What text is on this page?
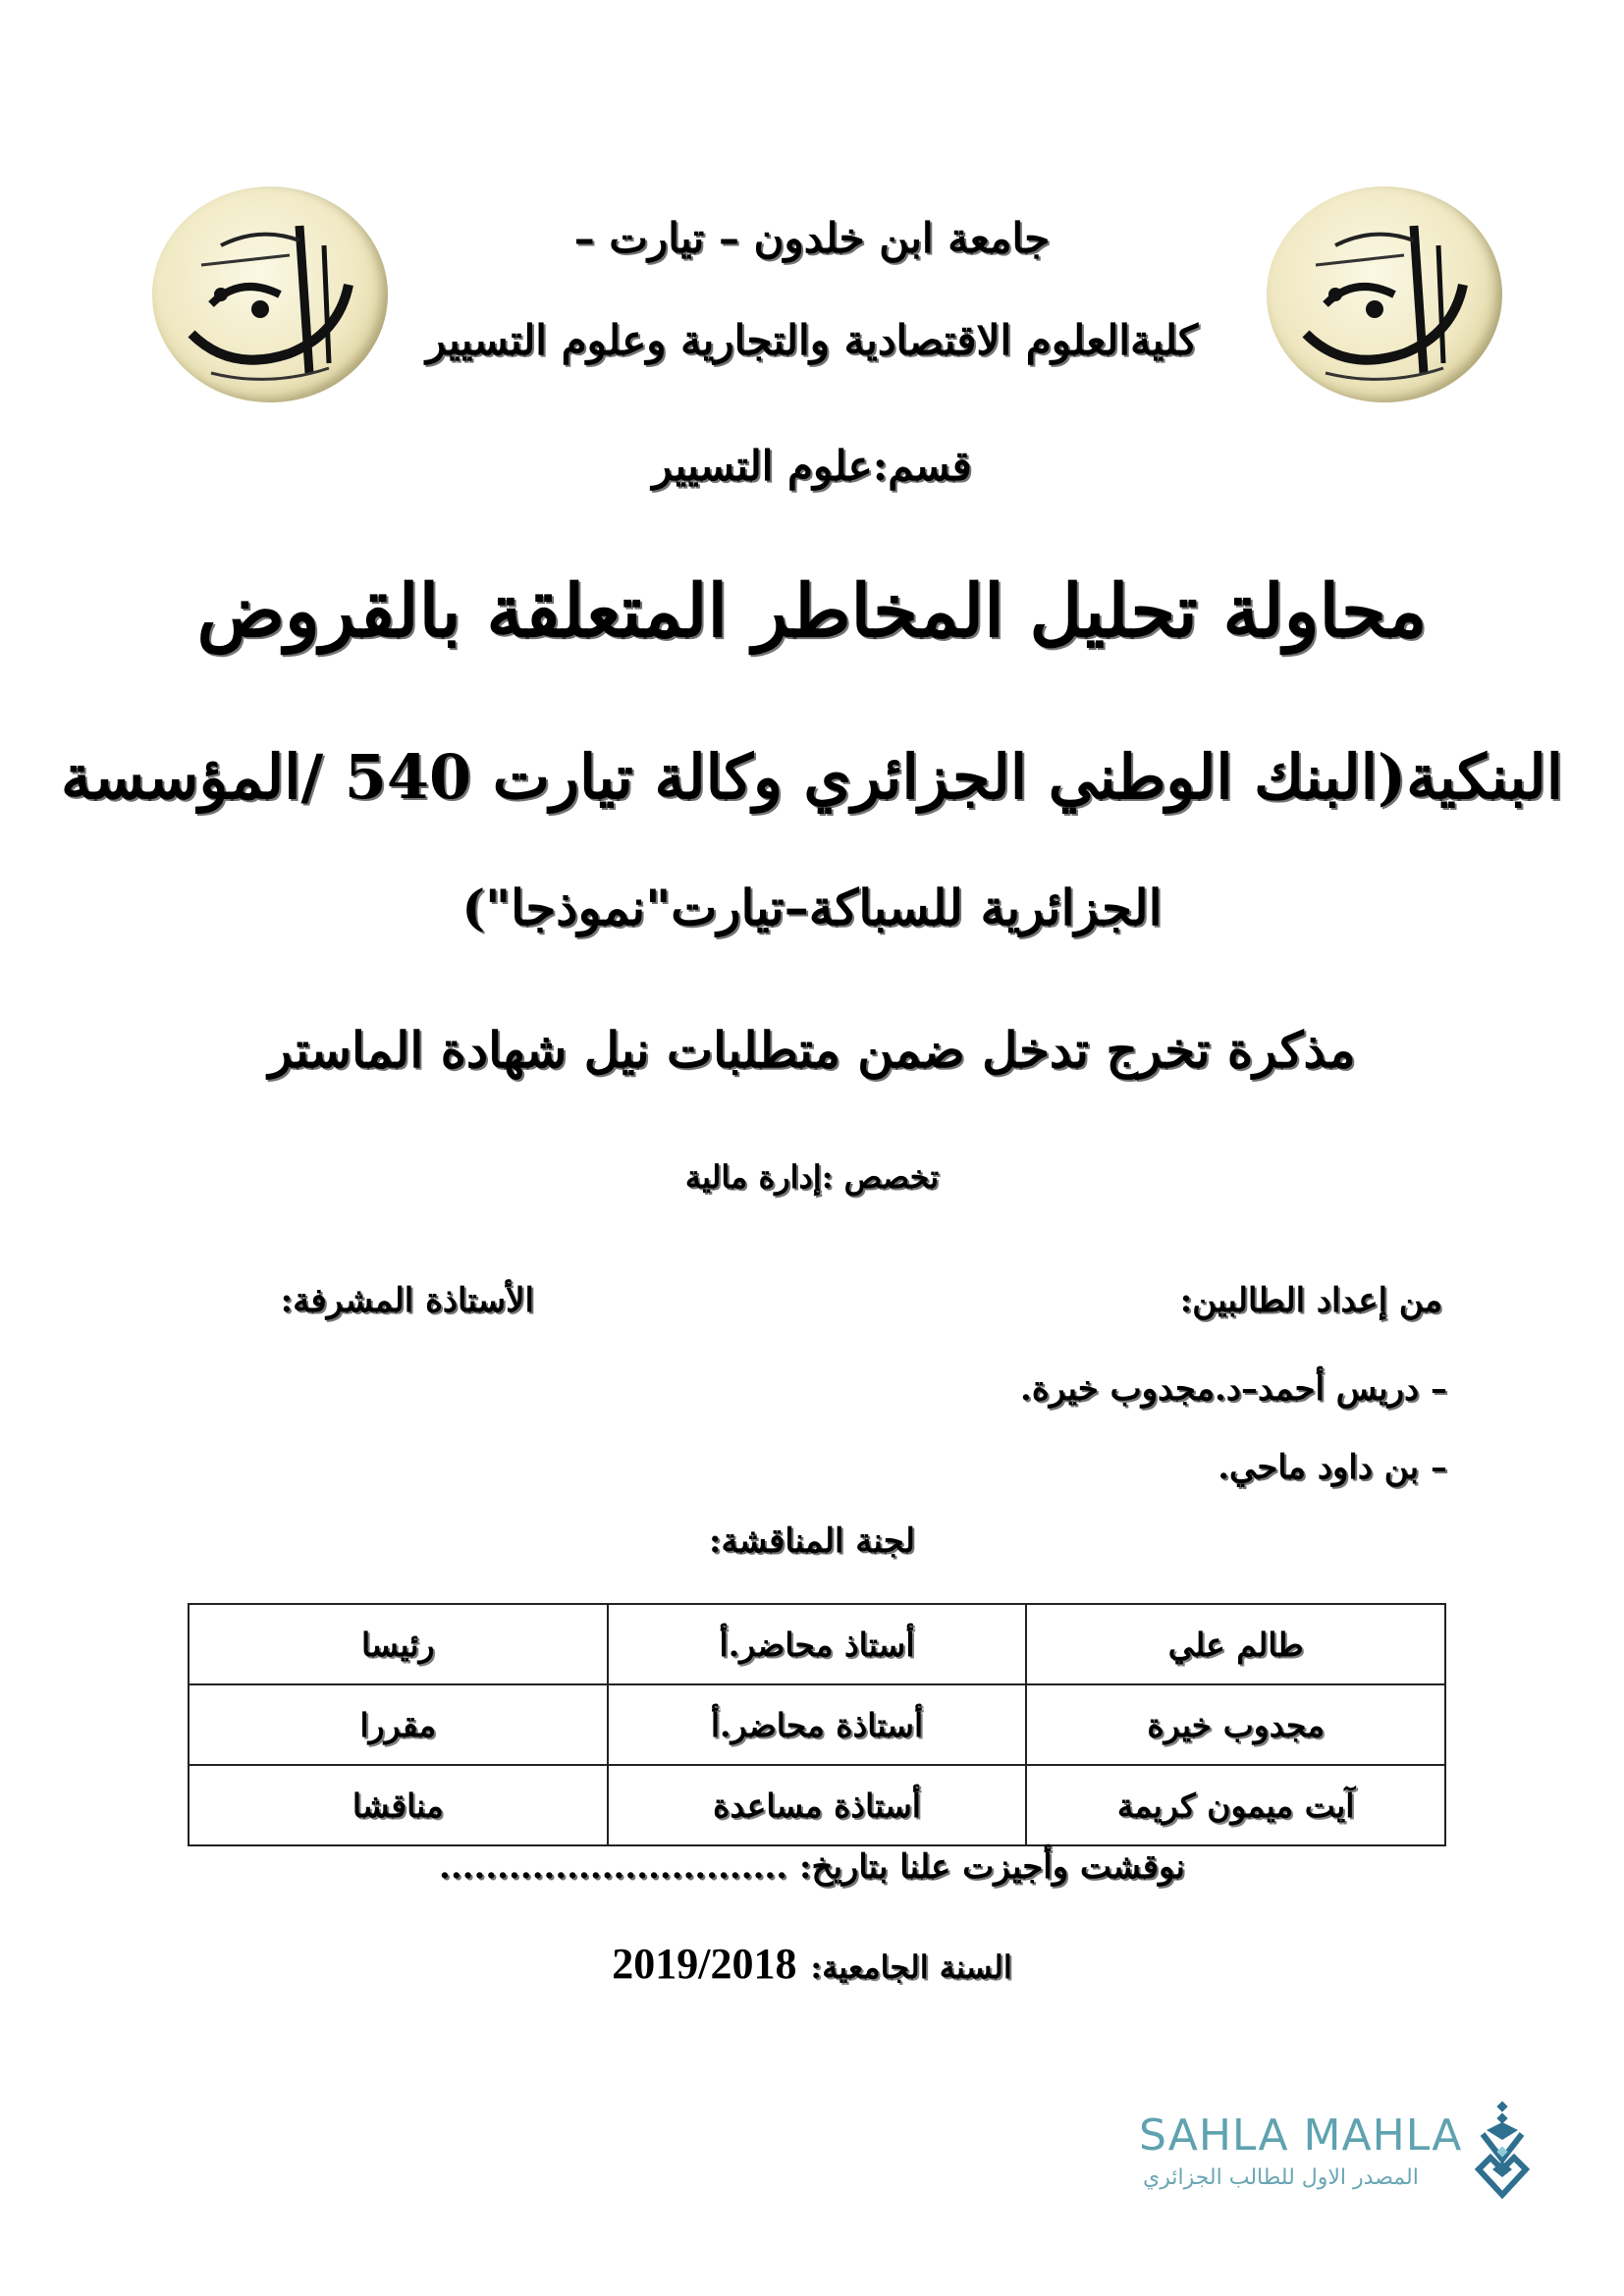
جامعة ابن خلدون – تيارت –
كليةالعلوم الاقتصادية والتجارية وعلوم التسيير
قسم:علوم التسيير
محاولة تحليل المخاطر المتعلقة بالقروض
البنكية(البنك الوطني الجزائري وكالة تيارت 540 /المؤسسة
الجزائرية للسباكة–تيارت"نموذجا")
مذكرة تخرج تدخل ضمن متطلبات نيل شهادة الماستر
تخصص :إدارة مالية
من إعداد الطالبين:
الأستاذة المشرفة:
– دريس أحمد–د.مجدوب خيرة.
– بن داود ماحي.
لجنة المناقشة:
طالم علي	أستاذ محاضر.أ	رئيسا
مجدوب خيرة	أستاذة محاضر.أ	مقررا
آيت ميمون كريمة	أستاذة مساعدة	مناقشا
نوقشت وأجيزت علنا بتاريخ: ..............................
السنة الجامعية: 2019/2018
SAHLA MAHLA
المصدر الاول للطالب الجزائري
